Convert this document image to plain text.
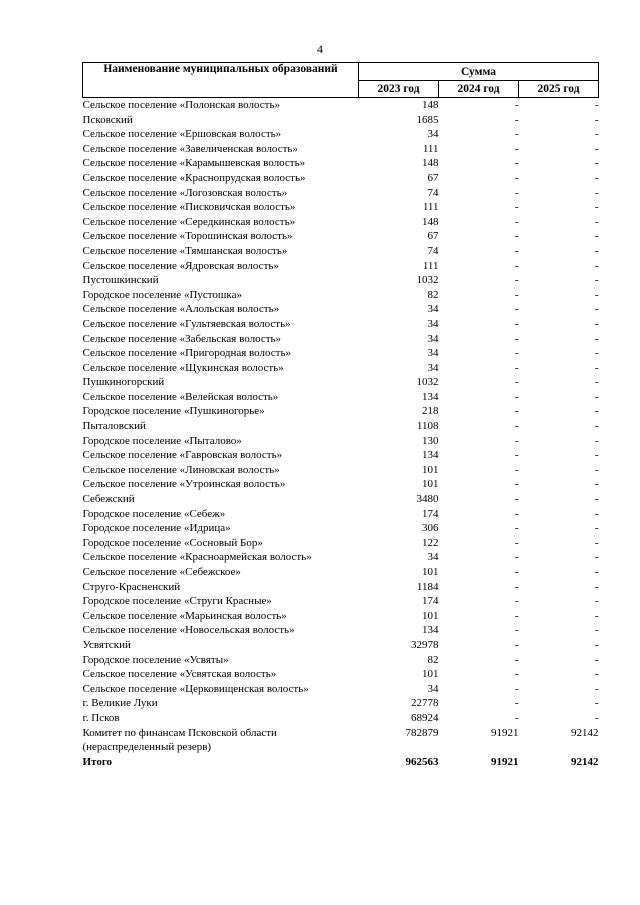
4
Наименование муниципальных образований	Сумма		
	2023 год	2024 год	2025 год
Сельское поселение «Полонская волость»	148	-	-
Псковский	1685	-	-
Сельское поселение «Ершовская волость»	34	-	-
Сельское поселение «Завеличенская волость»	111	-	-
Сельское поселение «Карамышевская волость»	148	-	-
Сельское поселение «Краснопрудская волость»	67	-	-
Сельское поселение «Логозовская волость»	74	-	-
Сельское поселение «Писковичская волость»	111	-	-
Сельское поселение «Середкинская волость»	148	-	-
Сельское поселение «Торошинская волость»	67	-	-
Сельское поселение «Тямшанская волость»	74	-	-
Сельское поселение «Ядровская волость»	111	-	-
Пустошкинский	1032	-	-
Городское поселение «Пустошка»	82	-	-
Сельское поселение «Алольская волость»	34	-	-
Сельское поселение «Гультяевская волость»	34	-	-
Сельское поселение «Забельская волость»	34	-	-
Сельское поселение «Пригородная волость»	34	-	-
Сельское поселение «Щукинская волость»	34	-	-
Пушкиногорский	1032	-	-
Сельское поселение «Велейская волость»	134	-	-
Городское поселение «Пушкиногорье»	218	-	-
Пыталовский	1108	-	-
Городское поселение «Пыталово»	130	-	-
Сельское поселение «Гавровская волость»	134	-	-
Сельское поселение «Линовская волость»	101	-	-
Сельское поселение «Утроинская волость»	101	-	-
Себежский	3480	-	-
Городское поселение «Себеж»	174	-	-
Городское поселение «Идрица»	306	-	-
Городское поселение «Сосновый Бор»	122	-	-
Сельское поселение «Красноармейская волость»	34	-	-
Сельское поселение «Себежское»	101	-	-
Струго-Красненский	1184	-	-
Городское поселение «Струги Красные»	174	-	-
Сельское поселение «Марьинская волость»	101	-	-
Сельское поселение «Новосельская волость»	134	-	-
Усвятский	32978	-	-
Городское поселение «Усвяты»	82	-	-
Сельское поселение «Усвятская волость»	101	-	-
Сельское поселение «Церковищенская волость»	34	-	-
г. Великие Луки	22778	-	-
г. Псков	68924	-	-

Комитет по финансам Псковской области
(нераспределенный резерв)	782879	91921	92142
Итого	962563	91921	92142
